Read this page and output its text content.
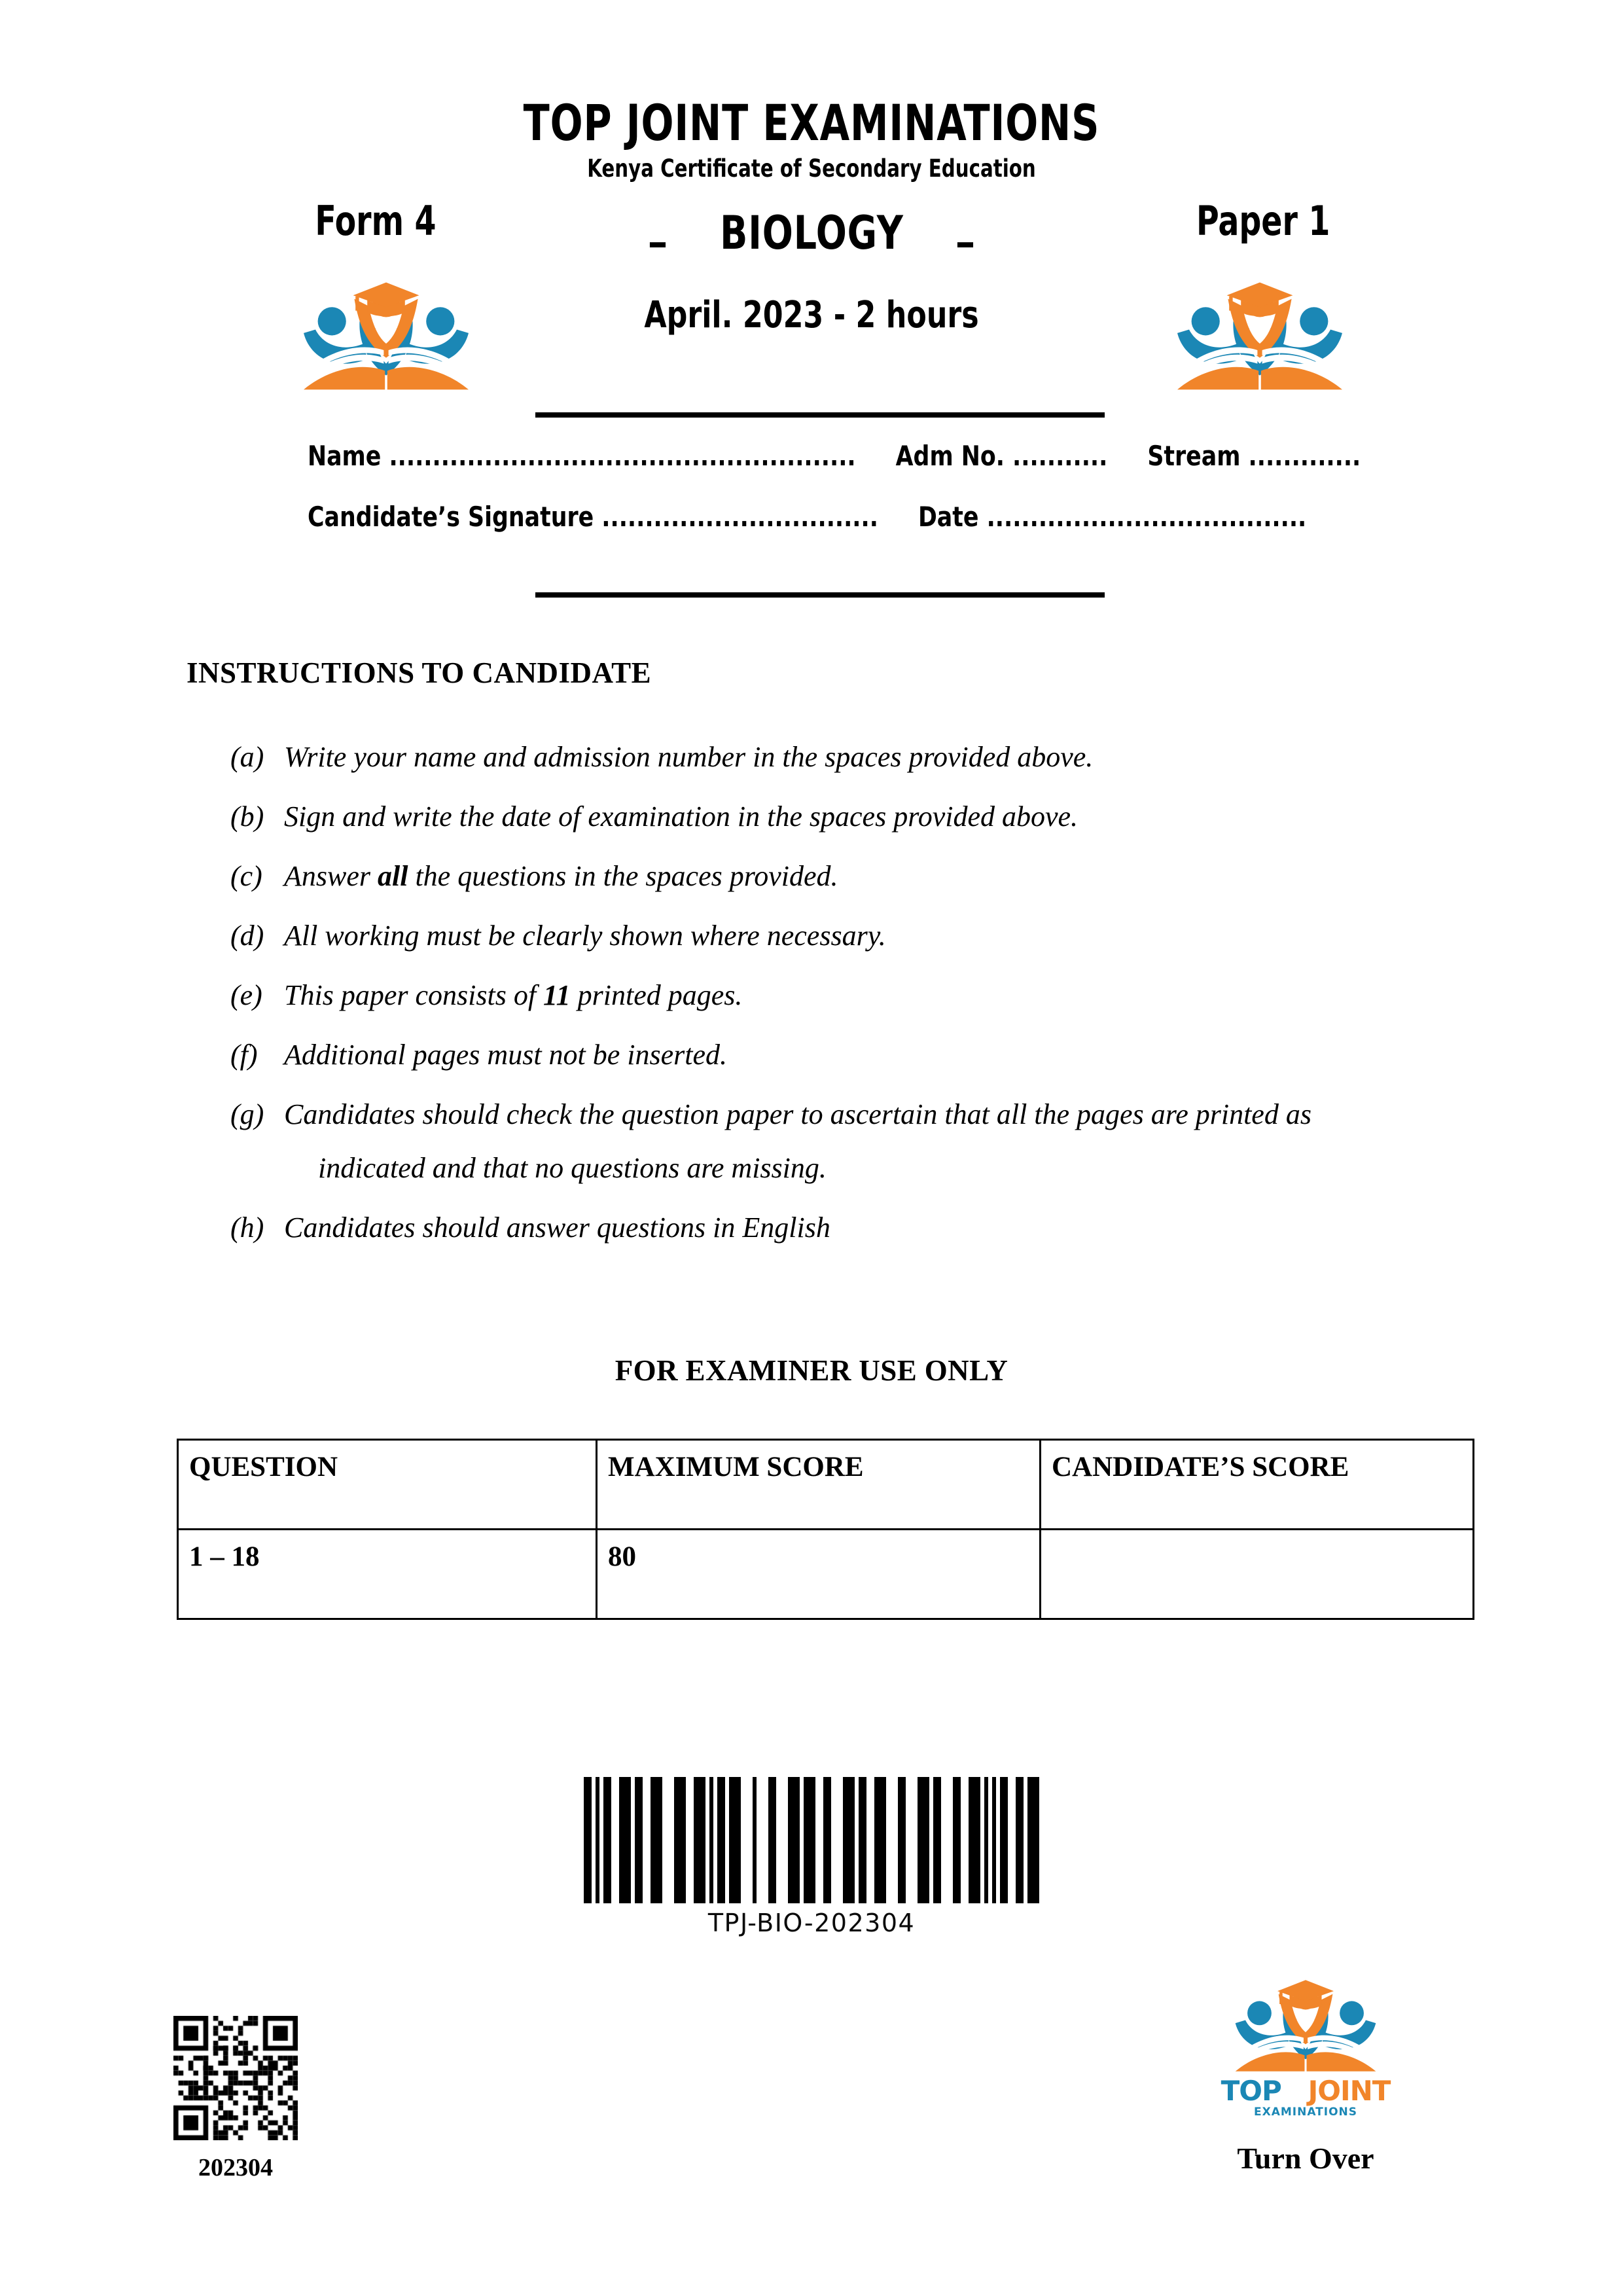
TOP JOINT EXAMINATIONS
Kenya Certificate of Secondary Education
Form 4	Paper 1
– BIOLOGY –
April. 2023 - 2 hours
Name ...................................................... Adm No. ........... Stream .............
Candidate’s Signature ................................ Date .....................................
INSTRUCTIONS TO CANDIDATE
(a) Write your name and admission number in the spaces provided above.
(b) Sign and write the date of examination in the spaces provided above.
(c) Answer all the questions in the spaces provided.
(d) All working must be clearly shown where necessary.
(e) This paper consists of 11 printed pages.
(f) Additional pages must not be inserted.
(g) Candidates should check the question paper to ascertain that all the pages are printed as
indicated and that no questions are missing.
(h) Candidates should answer questions in English
FOR EXAMINER USE ONLY
QUESTION	MAXIMUM SCORE	CANDIDATE’S SCORE
1 – 18	80	
TPJ-BIO-202304
202304
TOP JOINT
EXAMINATIONS
Turn Over
